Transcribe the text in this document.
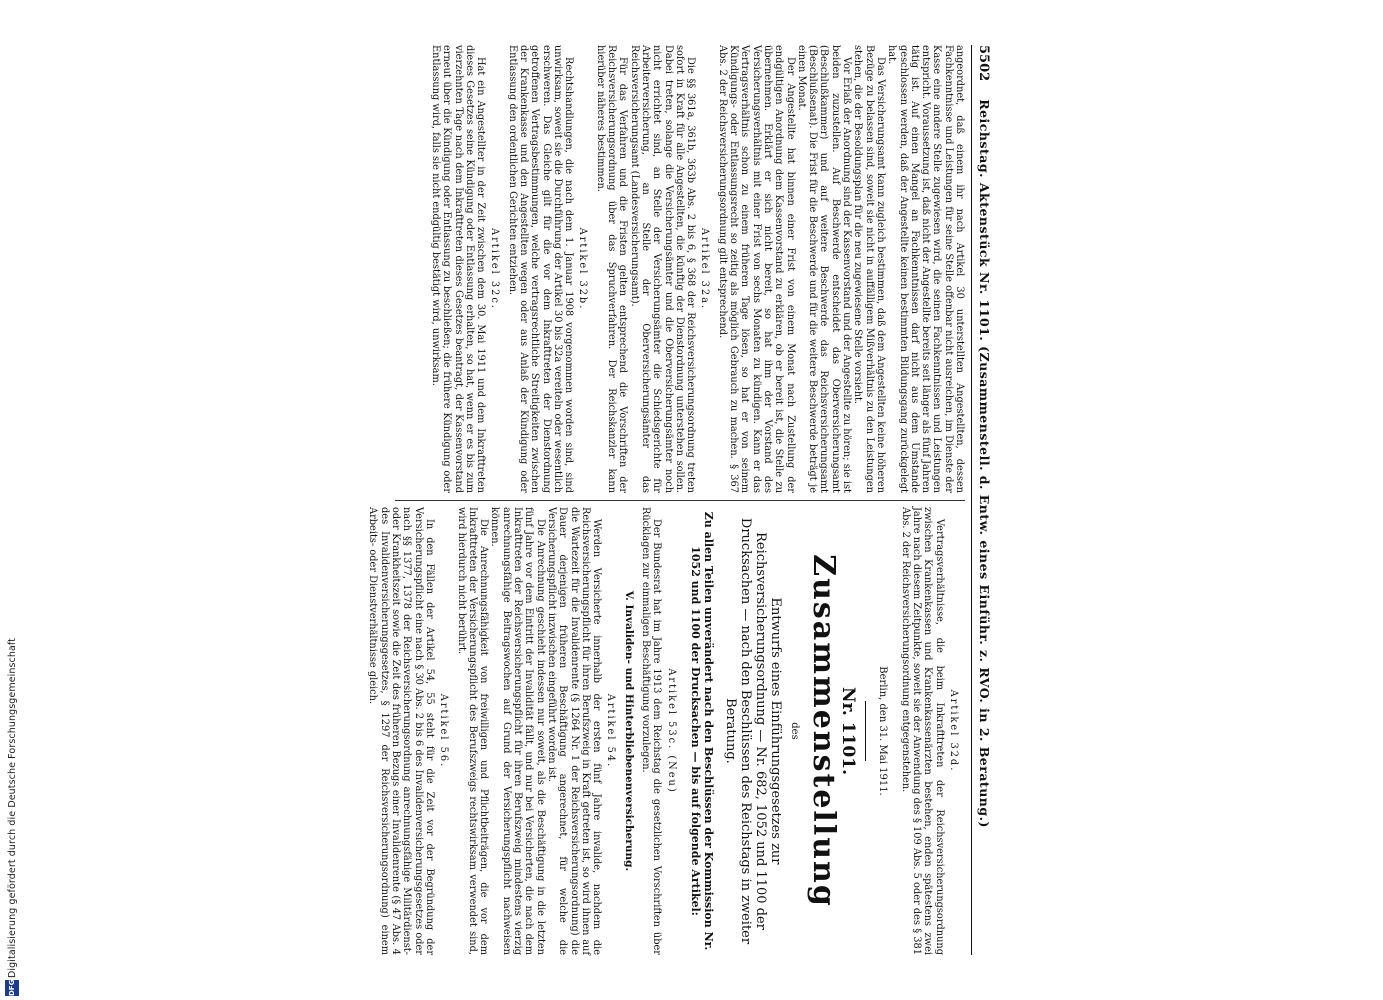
Digitalisierung gefördert durch die Deutsche Forschungsgemeinschaft
DFG
5502
Reichstag. Aktenstück Nr. 1101. (Zusammenstell. d. Entw. eines Einführ. z. RVO. in 2. Beratung.)

angeordnet, daß einem ihr nach Artikel 30 unterstellten Angestellten, dessen Fachkenntnisse und Leistungen für seine Stelle offenbar nicht ausreichen, im Dienste der Kasse eine andere Stelle zugewiesen wird, die seinen Fachkenntnissen und Leistungen entspricht. Voraussetzung ist, daß nicht der Angestellte bereits seit länger als fünf Jahren tätig ist. Auf einen Mangel an Fachkenntnissen darf nicht aus dem Umstande geschlossen werden, daß der Angestellte keinen bestimmten Bildungsgang zurückgelegt hat.

Das Versicherungsamt kann zugleich bestimmen, daß dem Angestellten keine höheren Bezüge zu belassen sind, soweit sie nicht in auffälligem Mißverhältnis zu den Leistungen stehen, die der Besoldungsplan für die neu zugewiesene Stelle vorsieht.

Vor Erlaß der Anordnung sind der Kassenvorstand und der Angestellte zu hören; sie ist beiden zuzustellen. Auf Beschwerde entscheidet das Oberversicherungsamt (Beschlußkammer) und auf weitere Beschwerde das Reichsversicherungsamt (Beschlußsenat). Die Frist für die Beschwerde und für die weitere Beschwerde beträgt je einen Monat.

Der Angestellte hat binnen einer Frist von einem Monat nach Zustellung der endgültigen Anordnung dem Kassenvorstand zu erklären, ob er bereit ist, die Stelle zu übernehmen. Erklärt er sich nicht bereit, so hat ihm der Vorstand des Versicherungsverhältnis mit einer Frist von sechs Monaten zu kündigen. Kann er das Vertragsverhältnis schon zu einem früheren Tage lösen, so hat er von seinem Kündigungs- oder Entlassungsrecht so zeitig als möglich Gebrauch zu machen. § 367 Abs. 2 der Reichsversicherungsordnung gilt entsprechend.

Artikel 32a.

Die §§ 361a, 361b, 363b Abs. 2 bis 6, § 368 der Reichsversicherungsordnung treten sofort in Kraft für alle Angestellten, die künftig der Dienstordnung unterstehen sollen. Dabei treten, solange die Versicherungsämter und die Oberversicherungsämter noch nicht errichtet sind, an Stelle der Versicherungsämter die Schiedsgerichte für Arbeiterversicherung, an Stelle der Oberversicherungsämter das Reichsversicherungsamt (Landesversicherungsamt).

Für das Verfahren und die Fristen gelten entsprechend die Vorschriften der Reichsversicherungsordnung über das Spruchverfahren. Der Reichskanzler kann hierüber näheres bestimmen.

Artikel 32b.

Rechtshandlungen, die nach dem 1. Januar 1908 vorgenommen worden sind, sind unwirksam, soweit sie die Durchführung der Artikel 30 bis 32a vereiteln oder wesentlich erschweren. Das Gleiche gilt für die vor dem Inkrafttreten der Dienstordnung getroffenen Vertragsbestimmungen, welche vertragsrechtliche Streitigkeiten zwischen der Krankenkasse und den Angestellten wegen oder aus Anlaß der Kündigung oder Entlassung den ordentlichen Gerichten entziehen.

Artikel 32c.

Hat ein Angestellter in der Zeit zwischen dem 30. Mai 1911 und dem Inkrafttreten dieses Gesetzes seine Kündigung oder Entlassung erhalten, so hat, wenn er es bis zum vierzehnten Tage nach dem Inkrafttreten dieses Gesetzes beantragt, der Kassenvorstand erneut über die Kündigung oder Entlassung zu beschließen; die frühere Kündigung oder Entlassung wird, falls sie nicht endgültig bestätigt wird, unwirksam.

Artikel 32d.

Vertragsverhältnisse, die beim Inkrafttreten der Reichsversicherungsordnung zwischen Krankenkassen und Krankenkassenärzten bestehen, enden spätestens zwei Jahre nach diesem Zeitpunkte, soweit sie der Anwendung des § 109 Abs. 5 oder des § 381 Abs. 2 der Reichsversicherungsordnung entgegenstehen.

Berlin, den 31. Mai 1911.
Nr. 1101.
Zusammenstellung
des
Entwurfs eines Einführungsgesetzes zur Reichsversicherungsordnung — Nr. 682, 1052 und 1100 der Drucksachen — nach den Beschlüssen des Reichstags in zweiter Beratung.
Zu allen Teilen unverändert nach den Beschlüssen der Kommission Nr. 1052 und 1100 der Drucksachen — bis auf folgende Artikel:
Artikel 53c. (Neu)

Der Bundesrat hat im Jahre 1913 dem Reichstag die gesetzlichen Vorschriften über Rücklagen zur einmaligen Beschäftigung vorzulegen.

V. Invaliden- und Hinterbliebenenversicherung.
Artikel 54.

Werden Versicherte innerhalb der ersten fünf Jahre invalide, nachdem die Reichsversicherungspflicht für ihren Berufszweig in Kraft getreten ist, so wird ihnen auf die Wartezeit für die Invalidenrente (§ 1264 Nr. 1 der Reichsversicherungsordnung) die Dauer derjenigen früheren Beschäftigung angerechnet, für welche die Versicherungspflicht inzwischen eingeführt worden ist.

Die Anrechnung geschieht indessen nur soweit, als die Beschäftigung in die letzten fünf Jahre vor dem Eintritt der Invalidität fällt, und nur bei Versicherten, die nach dem Inkrafttreten der Reichsversicherungspflicht für ihren Berufszweig mindestens vierzig anrechnungsfähige Beitragswochen auf Grund der Versicherungspflicht nachweisen können.

Die Anrechnungsfähigkeit von freiwilligen und Pflichtbeiträgen, die vor dem Inkrafttreten der Versicherungspflicht des Berufszweigs rechtswirksam verwendet sind, wird hierdurch nicht berührt.

Artikel 56.

In den Fällen der Artikel 54, 55 steht für die Zeit vor der Begründung der Versicherungspflicht eine nach § 30 Abs. 2 bis 6 des Invalidenversicherungsgesetzes oder nach §§ 1377, 1378 der Reichsversicherungsordnung anrechnungsfähige Militärdienst- oder Krankheitszeit sowie die Zeit des früheren Bezugs einer Invalidenrente (§ 47 Abs. 4 des Invalidenversicherungsgesetzes, § 1297 der Reichsversicherungsordnung) einem Arbeits- oder Dienstverhältnisse gleich.
